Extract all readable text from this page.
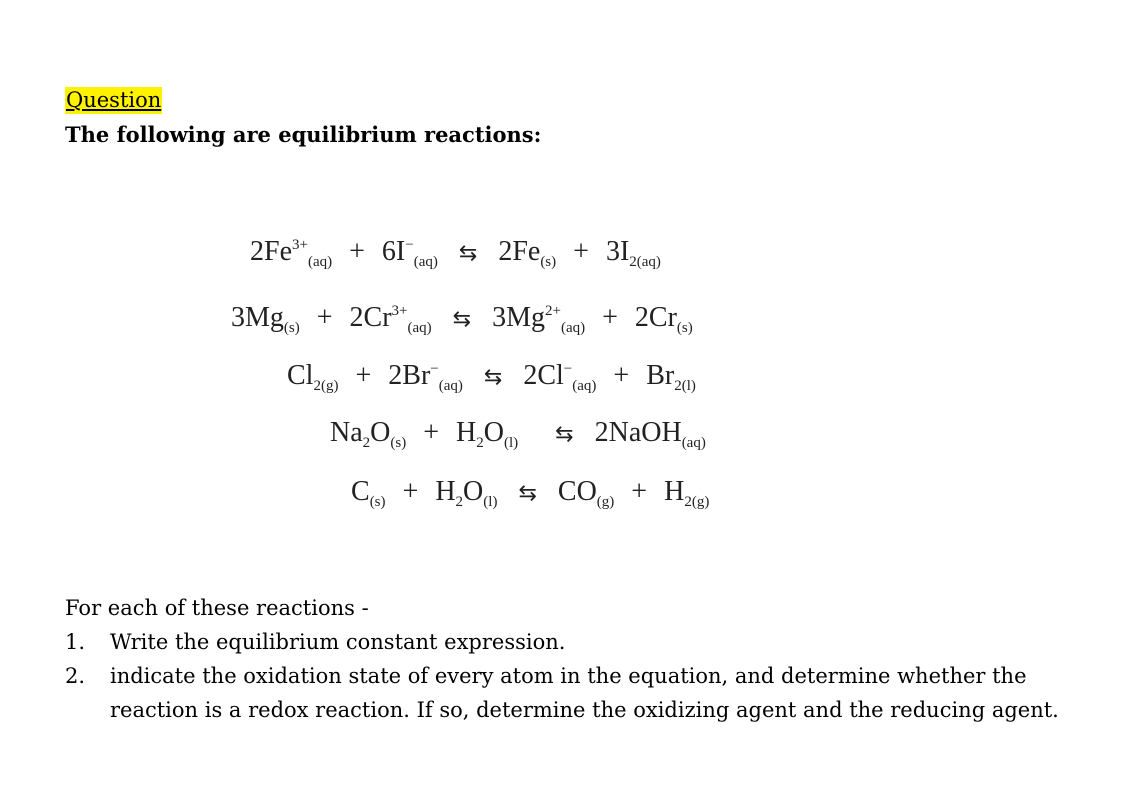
Question
The following are equilibrium reactions:
$2Fe^{3+}_{(aq)} + 6I^-_{(aq)}$ ⇆ $2Fe_{(s)} + 3I_{2(aq)}$
$3Mg_{(s)} + 2Cr^{3+}_{(aq)}$ ⇆ $3Mg^{2+}_{(aq)} + 2Cr_{(s)}$
$Cl_{2(g)} + 2Br^-_{(aq)}$ ⇆ $2Cl^-_{(aq)} + Br_{2(l)}$
$Na_2O_{(s)} + H_2O_{(l)}$ ⇆ 2NaOH$_{(aq)}$
$C_{(s)} + H_2O_{(l)}$ ⇆ $CO_{(g)} + H_{2(g)}$
For each of these reactions -
1. Write the equilibrium constant expression.
2. indicate the oxidation state of every atom in the equation, and determine whether the reaction is a redox reaction. If so, determine the oxidizing agent and the reducing agent.
